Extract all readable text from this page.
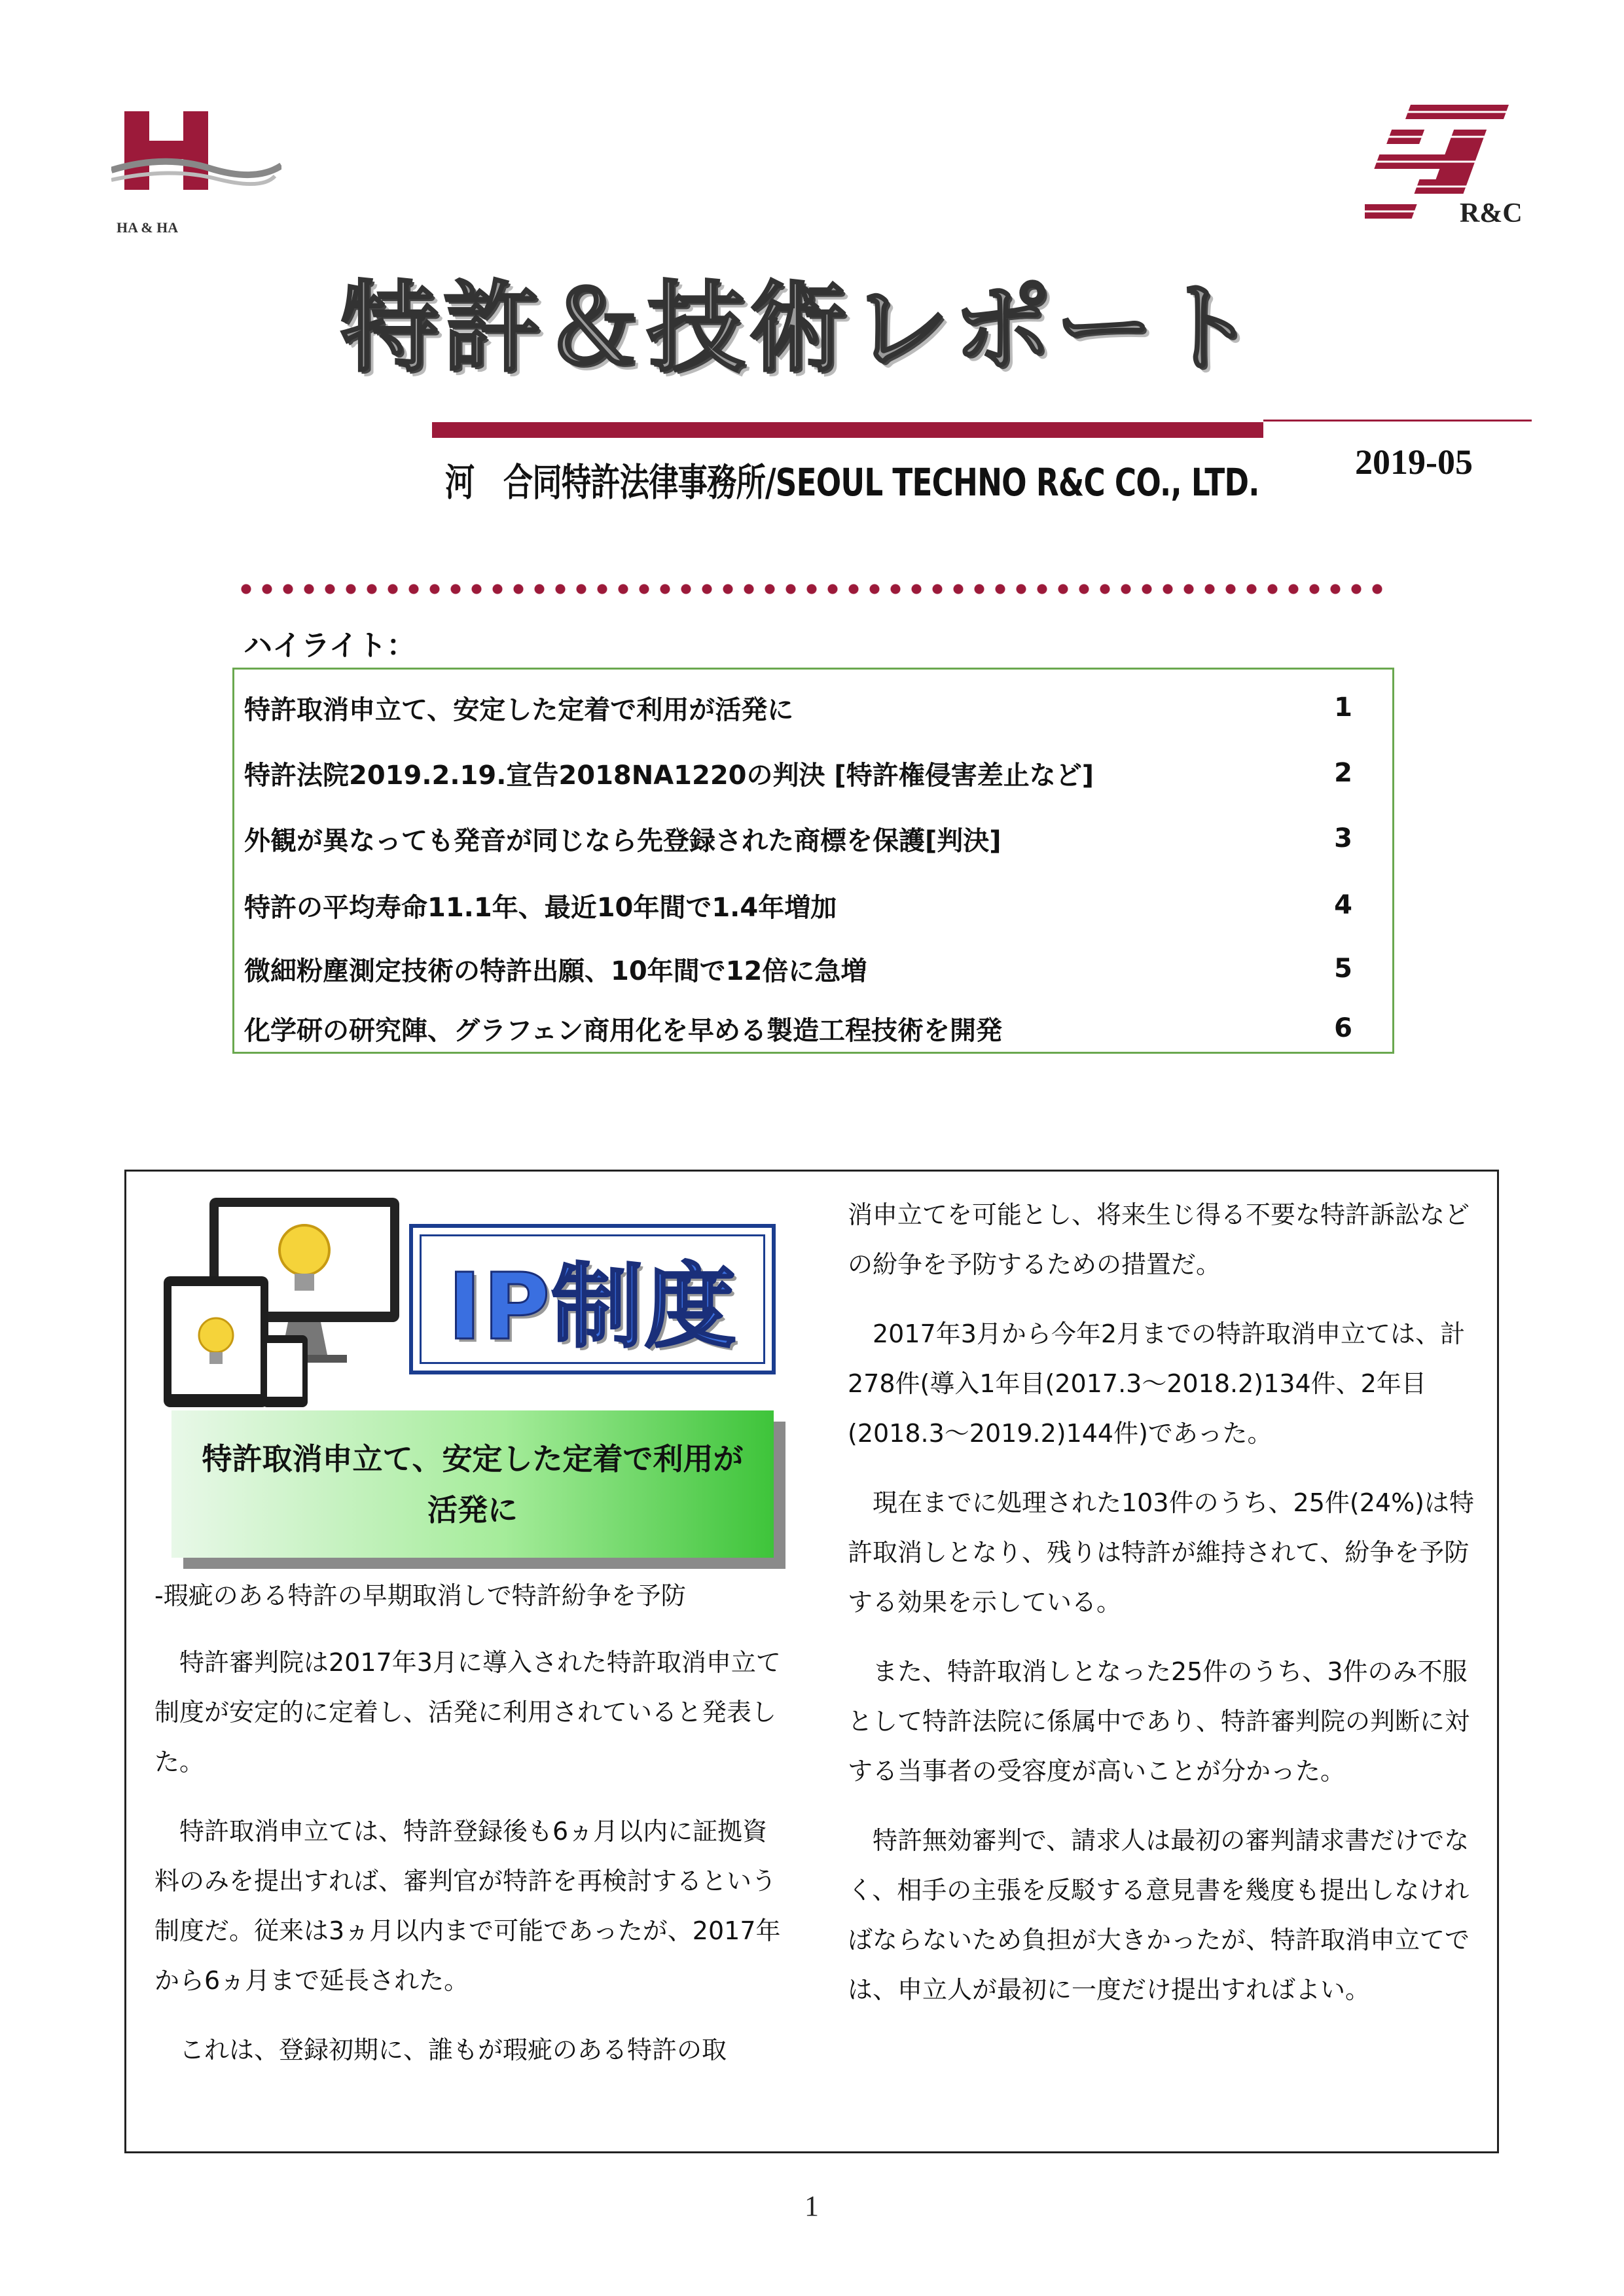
HA & HA	R&C
特許＆技術レポート
河　合同特許法律事務所/SEOUL TECHNO R&C CO., LTD.	2019-05
ハイライト：
特許取消申立て、安定した定着で利用が活発に	1
特許法院2019.2.19.宣告2018NA1220の判決 [特許権侵害差止など]	2
外観が異なっても発音が同じなら先登録された商標を保護[判決]	3
特許の平均寿命11.1年、最近10年間で1.4年増加	4
微細粉塵測定技術の特許出願、10年間で12倍に急増	5
化学研の研究陣、グラフェン商用化を早める製造工程技術を開発	6
IP制度
特許取消申立て、安定した定着で利用が活発に

-瑕疵のある特許の早期取消しで特許紛争を予防

特許審判院は2017年3月に導入された特許取消申立て制度が安定的に定着し、活発に利用されていると発表した。

特許取消申立ては、特許登録後も6ヵ月以内に証拠資料のみを提出すれば、審判官が特許を再検討するという制度だ。従来は3ヵ月以内まで可能であったが、2017年から6ヵ月まで延長された。

これは、登録初期に、誰もが瑕疵のある特許の取

消申立てを可能とし、将来生じ得る不要な特許訴訟などの紛争を予防するための措置だ。

2017年3月から今年2月までの特許取消申立ては、計278件(導入1年目(2017.3～2018.2)134件、2年目(2018.3～2019.2)144件)であった。

現在までに処理された103件のうち、25件(24%)は特許取消しとなり、残りは特許が維持されて、紛争を予防する効果を示している。

また、特許取消しとなった25件のうち、3件のみ不服として特許法院に係属中であり、特許審判院の判断に対する当事者の受容度が高いことが分かった。

特許無効審判で、請求人は最初の審判請求書だけでなく、相手の主張を反駁する意見書を幾度も提出しなければならないため負担が大きかったが、特許取消申立てでは、申立人が最初に一度だけ提出すればよい。

1
